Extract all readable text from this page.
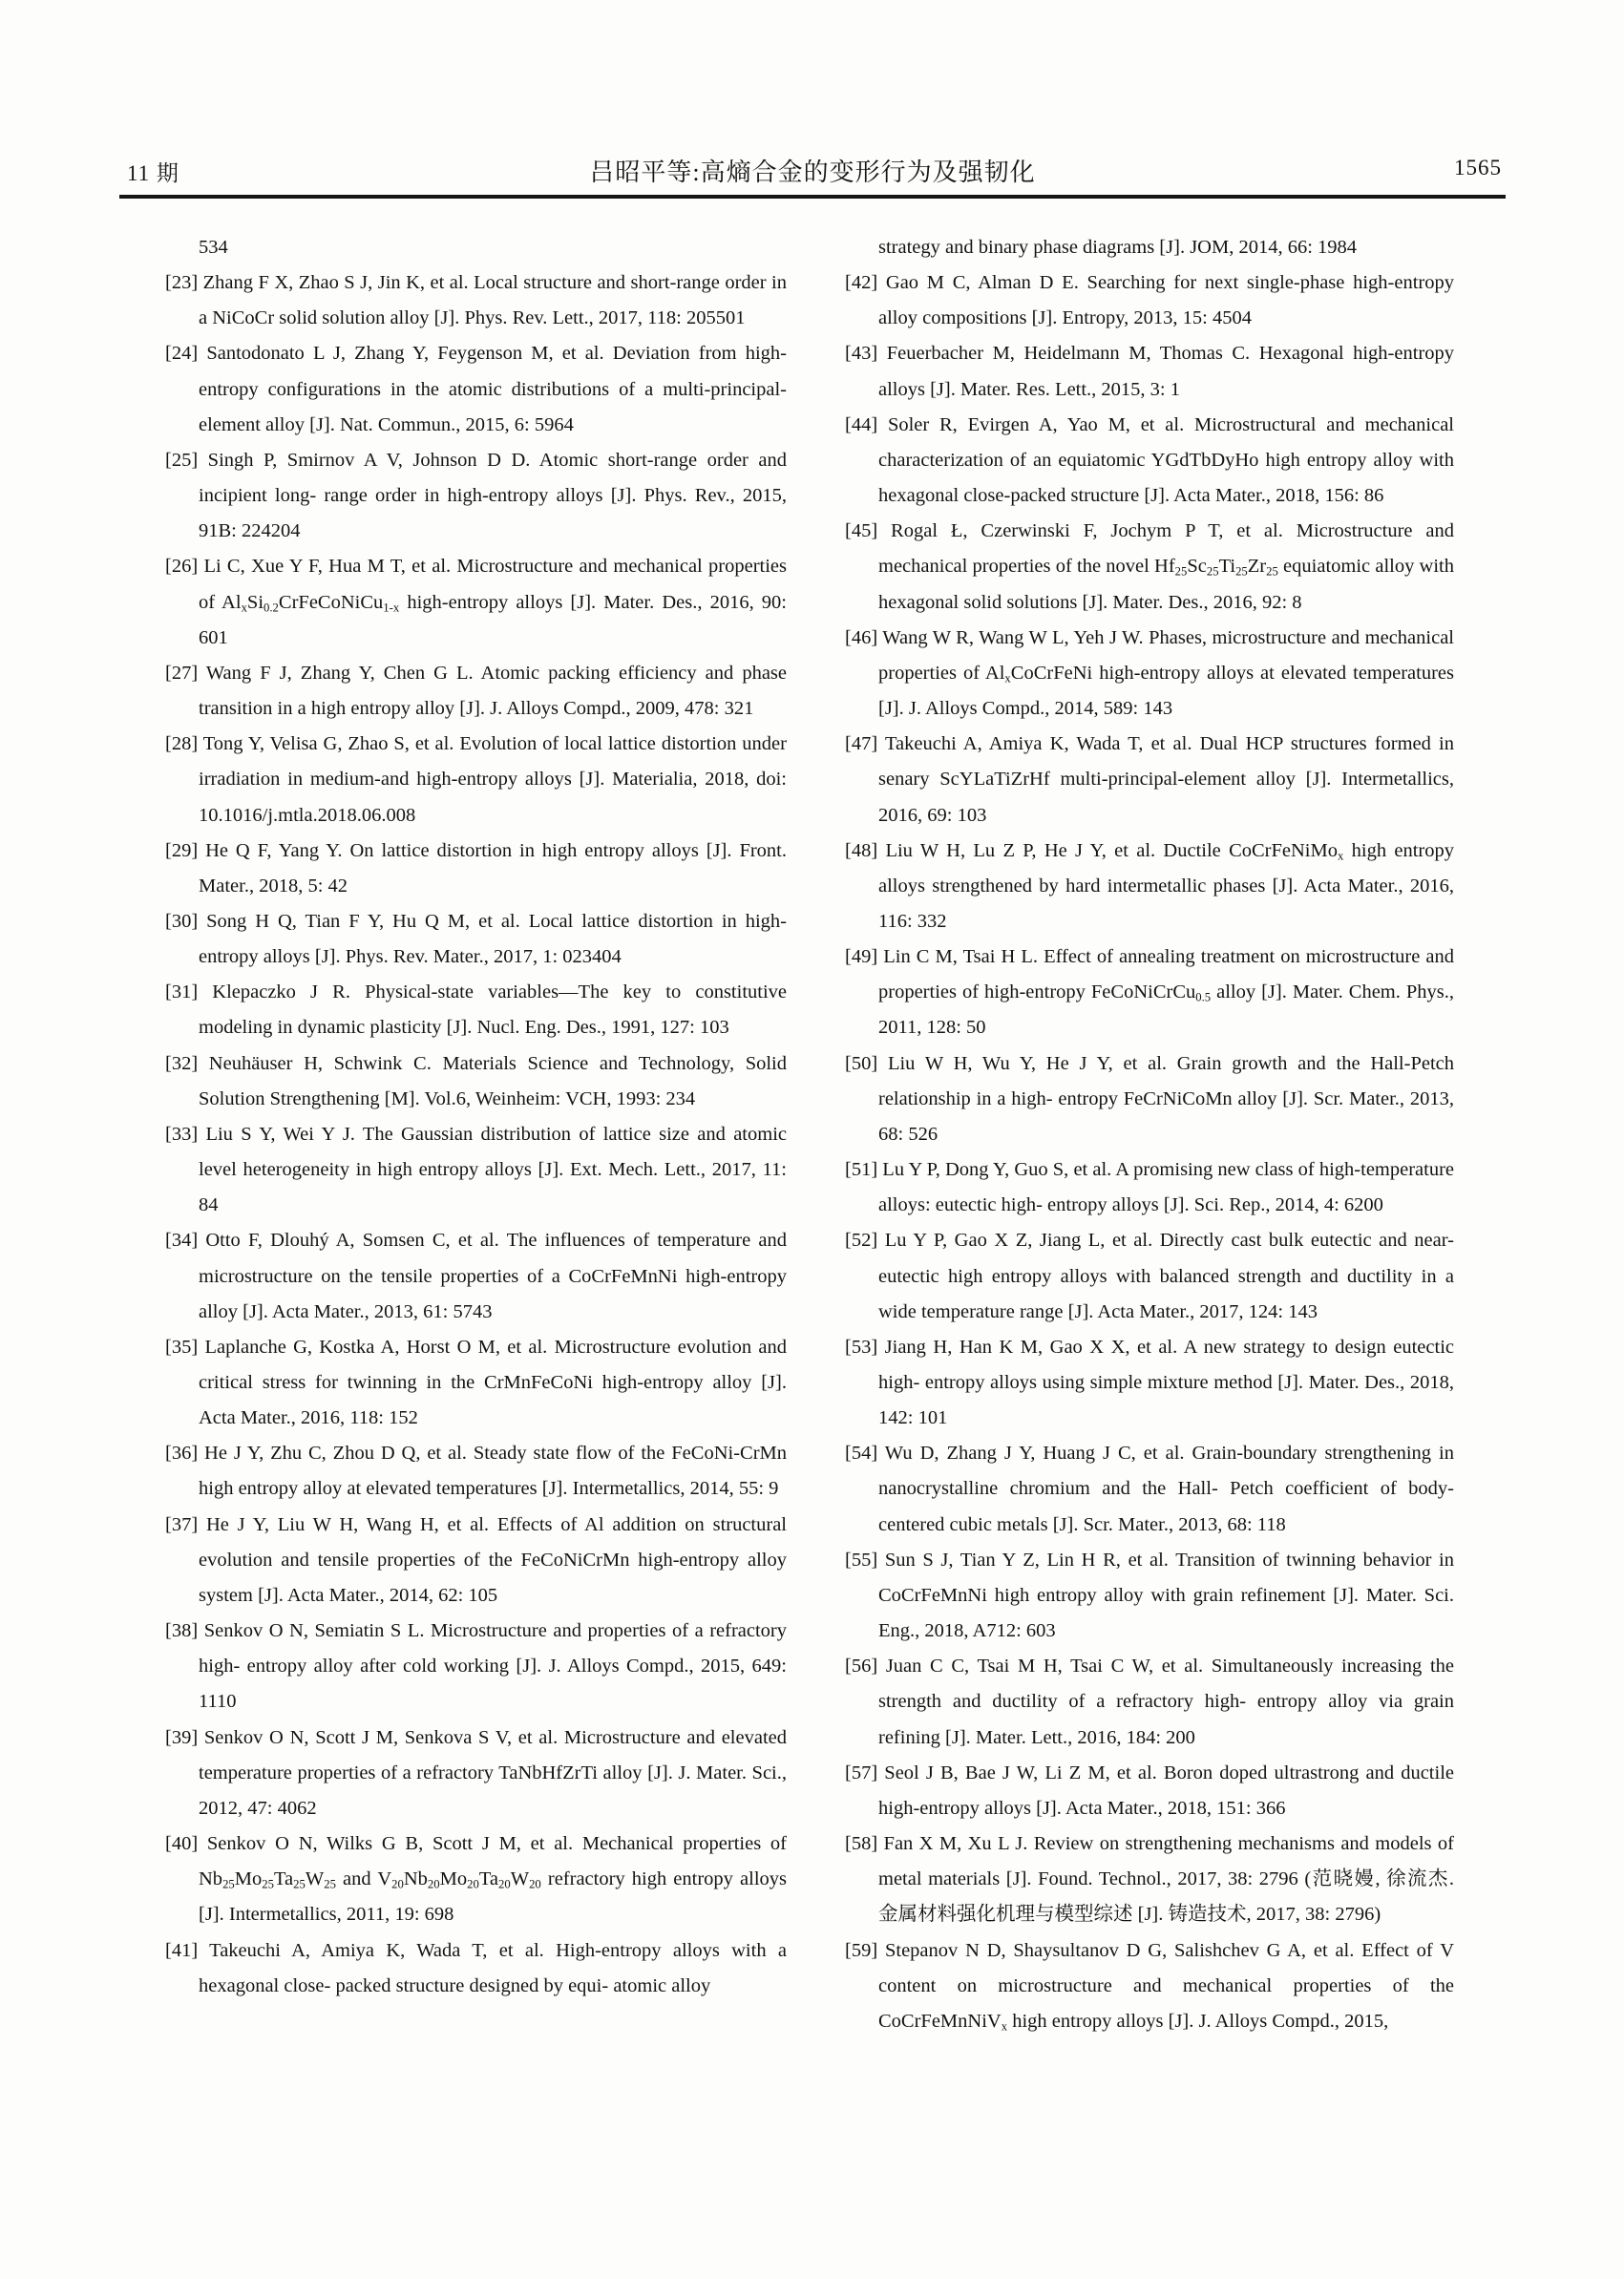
11 期	吕昭平等:高熵合金的变形行为及强韧化	1565

534

[23] Zhang F X, Zhao S J, Jin K, et al. Local structure and short-range order in a NiCoCr solid solution alloy [J]. Phys. Rev. Lett., 2017, 118: 205501

[24] Santodonato L J, Zhang Y, Feygenson M, et al. Deviation from high-entropy configurations in the atomic distributions of a multi-principal-element alloy [J]. Nat. Commun., 2015, 6: 5964

[25] Singh P, Smirnov A V, Johnson D D. Atomic short-range order and incipient long- range order in high-entropy alloys [J]. Phys. Rev., 2015, 91B: 224204

[26] Li C, Xue Y F, Hua M T, et al. Microstructure and mechanical properties of $Al_xSi_{0.2}CrFeCoNiCu_{1-x}$ high-entropy alloys [J]. Mater. Des., 2016, 90: 601

[27] Wang F J, Zhang Y, Chen G L. Atomic packing efficiency and phase transition in a high entropy alloy [J]. J. Alloys Compd., 2009, 478: 321

[28] Tong Y, Velisa G, Zhao S, et al. Evolution of local lattice distortion under irradiation in medium-and high-entropy alloys [J]. Materialia, 2018, doi: 10.1016/j.mtla.2018.06.008

[29] He Q F, Yang Y. On lattice distortion in high entropy alloys [J]. Front. Mater., 2018, 5: 42

[30] Song H Q, Tian F Y, Hu Q M, et al. Local lattice distortion in high-entropy alloys [J]. Phys. Rev. Mater., 2017, 1: 023404

[31] Klepaczko J R. Physical-state variables—The key to constitutive modeling in dynamic plasticity [J]. Nucl. Eng. Des., 1991, 127: 103

[32] Neuhäuser H, Schwink C. Materials Science and Technology, Solid Solution Strengthening [M]. Vol.6, Weinheim: VCH, 1993: 234

[33] Liu S Y, Wei Y J. The Gaussian distribution of lattice size and atomic level heterogeneity in high entropy alloys [J]. Ext. Mech. Lett., 2017, 11: 84

[34] Otto F, Dlouhý A, Somsen C, et al. The influences of temperature and microstructure on the tensile properties of a CoCrFeMnNi high-entropy alloy [J]. Acta Mater., 2013, 61: 5743

[35] Laplanche G, Kostka A, Horst O M, et al. Microstructure evolution and critical stress for twinning in the CrMnFeCoNi high-entropy alloy [J]. Acta Mater., 2016, 118: 152

[36] He J Y, Zhu C, Zhou D Q, et al. Steady state flow of the FeCoNi-CrMn high entropy alloy at elevated temperatures [J]. Intermetallics, 2014, 55: 9

[37] He J Y, Liu W H, Wang H, et al. Effects of Al addition on structural evolution and tensile properties of the FeCoNiCrMn high-entropy alloy system [J]. Acta Mater., 2014, 62: 105

[38] Senkov O N, Semiatin S L. Microstructure and properties of a refractory high- entropy alloy after cold working [J]. J. Alloys Compd., 2015, 649: 1110

[39] Senkov O N, Scott J M, Senkova S V, et al. Microstructure and elevated temperature properties of a refractory TaNbHfZrTi alloy [J]. J. Mater. Sci., 2012, 47: 4062

[40] Senkov O N, Wilks G B, Scott J M, et al. Mechanical properties of $Nb_{25}Mo_{25}Ta_{25}W_{25}$ and $V_{20}Nb_{20}Mo_{20}Ta_{20}W_{20}$ refractory high entropy alloys [J]. Intermetallics, 2011, 19: 698

[41] Takeuchi A, Amiya K, Wada T, et al. High-entropy alloys with a hexagonal close- packed structure designed by equi- atomic alloy

strategy and binary phase diagrams [J]. JOM, 2014, 66: 1984

[42] Gao M C, Alman D E. Searching for next single-phase high-entropy alloy compositions [J]. Entropy, 2013, 15: 4504

[43] Feuerbacher M, Heidelmann M, Thomas C. Hexagonal high-entropy alloys [J]. Mater. Res. Lett., 2015, 3: 1

[44] Soler R, Evirgen A, Yao M, et al. Microstructural and mechanical characterization of an equiatomic YGdTbDyHo high entropy alloy with hexagonal close-packed structure [J]. Acta Mater., 2018, 156: 86

[45] Rogal Ł, Czerwinski F, Jochym P T, et al. Microstructure and mechanical properties of the novel $Hf_{25}Sc_{25}Ti_{25}Zr_{25}$ equiatomic alloy with hexagonal solid solutions [J]. Mater. Des., 2016, 92: 8

[46] Wang W R, Wang W L, Yeh J W. Phases, microstructure and mechanical properties of $Al_xCoCrFeNi$ high-entropy alloys at elevated temperatures [J]. J. Alloys Compd., 2014, 589: 143

[47] Takeuchi A, Amiya K, Wada T, et al. Dual HCP structures formed in senary ScYLaTiZrHf multi-principal-element alloy [J]. Intermetallics, 2016, 69: 103

[48] Liu W H, Lu Z P, He J Y, et al. Ductile CoCrFeNiMo$_x$ high entropy alloys strengthened by hard intermetallic phases [J]. Acta Mater., 2016, 116: 332

[49] Lin C M, Tsai H L. Effect of annealing treatment on microstructure and properties of high-entropy FeCoNiCrCu$_{0.5}$ alloy [J]. Mater. Chem. Phys., 2011, 128: 50

[50] Liu W H, Wu Y, He J Y, et al. Grain growth and the Hall-Petch relationship in a high- entropy FeCrNiCoMn alloy [J]. Scr. Mater., 2013, 68: 526

[51] Lu Y P, Dong Y, Guo S, et al. A promising new class of high-temperature alloys: eutectic high- entropy alloys [J]. Sci. Rep., 2014, 4: 6200

[52] Lu Y P, Gao X Z, Jiang L, et al. Directly cast bulk eutectic and near-eutectic high entropy alloys with balanced strength and ductility in a wide temperature range [J]. Acta Mater., 2017, 124: 143

[53] Jiang H, Han K M, Gao X X, et al. A new strategy to design eutectic high- entropy alloys using simple mixture method [J]. Mater. Des., 2018, 142: 101

[54] Wu D, Zhang J Y, Huang J C, et al. Grain-boundary strengthening in nanocrystalline chromium and the Hall- Petch coefficient of body-centered cubic metals [J]. Scr. Mater., 2013, 68: 118

[55] Sun S J, Tian Y Z, Lin H R, et al. Transition of twinning behavior in CoCrFeMnNi high entropy alloy with grain refinement [J]. Mater. Sci. Eng., 2018, A712: 603

[56] Juan C C, Tsai M H, Tsai C W, et al. Simultaneously increasing the strength and ductility of a refractory high- entropy alloy via grain refining [J]. Mater. Lett., 2016, 184: 200

[57] Seol J B, Bae J W, Li Z M, et al. Boron doped ultrastrong and ductile high-entropy alloys [J]. Acta Mater., 2018, 151: 366

[58] Fan X M, Xu L J. Review on strengthening mechanisms and models of metal materials [J]. Found. Technol., 2017, 38: 2796 (范晓嫚, 徐流杰. 金属材料强化机理与模型综述 [J]. 铸造技术, 2017, 38: 2796)

[59] Stepanov N D, Shaysultanov D G, Salishchev G A, et al. Effect of V content on microstructure and mechanical properties of the CoCrFeMnNiV$_x$ high entropy alloys [J]. J. Alloys Compd., 2015,
